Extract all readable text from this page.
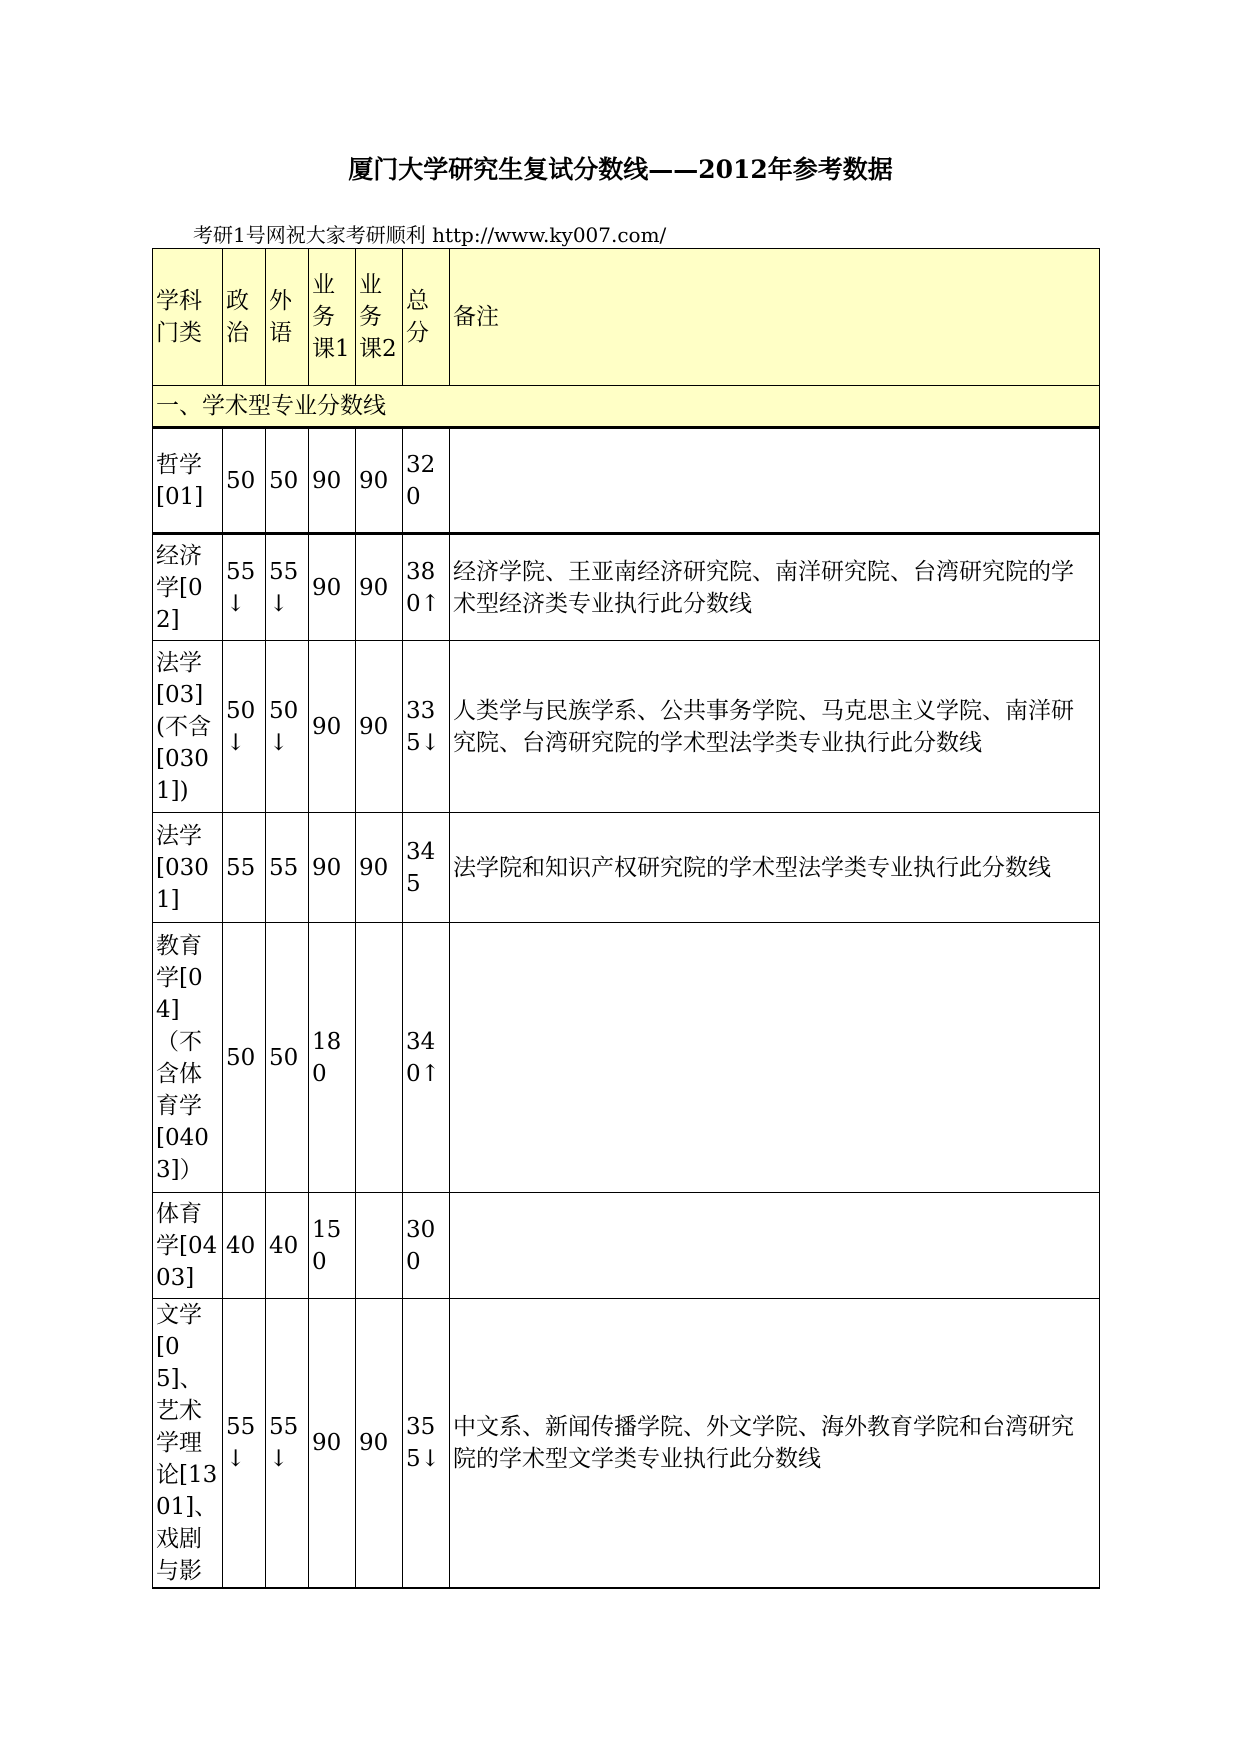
厦门大学研究生复试分数线——2012年参考数据
考研1号网祝大家考研顺利 http://www.ky007.com/
学科门类	政治	外语	业务课1	业务课2	总分	备注
一、学术型专业分数线						
哲学[01]	50	50	90	90	320	
经济学[02]	55↓	55↓	90	90	380↑	经济学院、王亚南经济研究院、南洋研究院、台湾研究院的学术型经济类专业执行此分数线
法学[03](不含[0301])	50↓	50↓	90	90	335↓	人类学与民族学系、公共事务学院、马克思主义学院、南洋研究院、台湾研究院的学术型法学类专业执行此分数线
法学[0301]	55	55	90	90	345	法学院和知识产权研究院的学术型法学类专业执行此分数线
教育学[04]（不含体育学[0403]）	50	50	180		340↑	
体育学[0403]	40	40	150		300	
文学[05]、艺术学理论[1301]、戏剧与影	55↓	55↓	90	90	355↓	中文系、新闻传播学院、外文学院、海外教育学院和台湾研究院的学术型文学类专业执行此分数线
